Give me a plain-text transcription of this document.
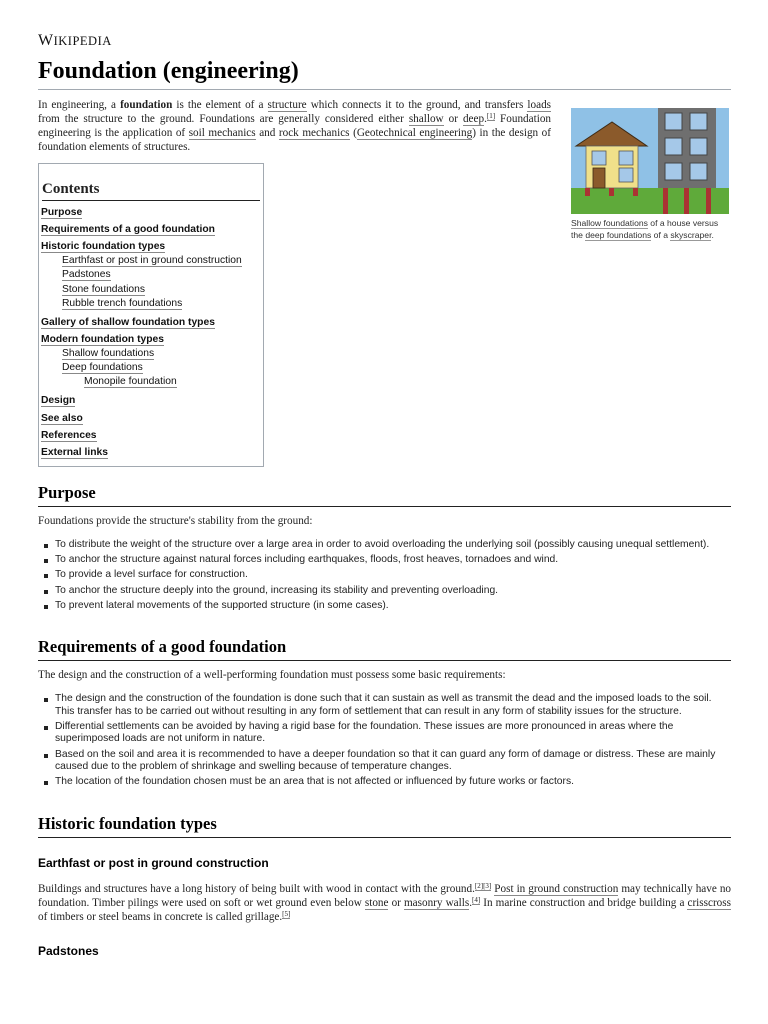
WIKIPEDIA
Foundation (engineering)
In engineering, a foundation is the element of a structure which connects it to the ground, and transfers loads from the structure to the ground. Foundations are generally considered either shallow or deep.[1] Foundation engineering is the application of soil mechanics and rock mechanics (Geotechnical engineering) in the design of foundation elements of structures.
Shallow foundations of a house versus the deep foundations of a skyscraper.
Contents
Purpose
Requirements of a good foundation
Historic foundation types
Earthfast or post in ground construction
Padstones
Stone foundations
Rubble trench foundations
Gallery of shallow foundation types
Modern foundation types
Shallow foundations
Deep foundations
Monopile foundation
Design
See also
References
External links
Purpose
Foundations provide the structure's stability from the ground:
To distribute the weight of the structure over a large area in order to avoid overloading the underlying soil (possibly causing unequal settlement).
To anchor the structure against natural forces including earthquakes, floods, frost heaves, tornadoes and wind.
To provide a level surface for construction.
To anchor the structure deeply into the ground, increasing its stability and preventing overloading.
To prevent lateral movements of the supported structure (in some cases).
Requirements of a good foundation
The design and the construction of a well-performing foundation must possess some basic requirements:
The design and the construction of the foundation is done such that it can sustain as well as transmit the dead and the imposed loads to the soil. This transfer has to be carried out without resulting in any form of settlement that can result in any form of stability issues for the structure.
Differential settlements can be avoided by having a rigid base for the foundation. These issues are more pronounced in areas where the superimposed loads are not uniform in nature.
Based on the soil and area it is recommended to have a deeper foundation so that it can guard any form of damage or distress. These are mainly caused due to the problem of shrinkage and swelling because of temperature changes.
The location of the foundation chosen must be an area that is not affected or influenced by future works or factors.
Historic foundation types
Earthfast or post in ground construction
Buildings and structures have a long history of being built with wood in contact with the ground.[2][3] Post in ground construction may technically have no foundation. Timber pilings were used on soft or wet ground even below stone or masonry walls.[4] In marine construction and bridge building a crisscross of timbers or steel beams in concrete is called grillage.[5]
Padstones
